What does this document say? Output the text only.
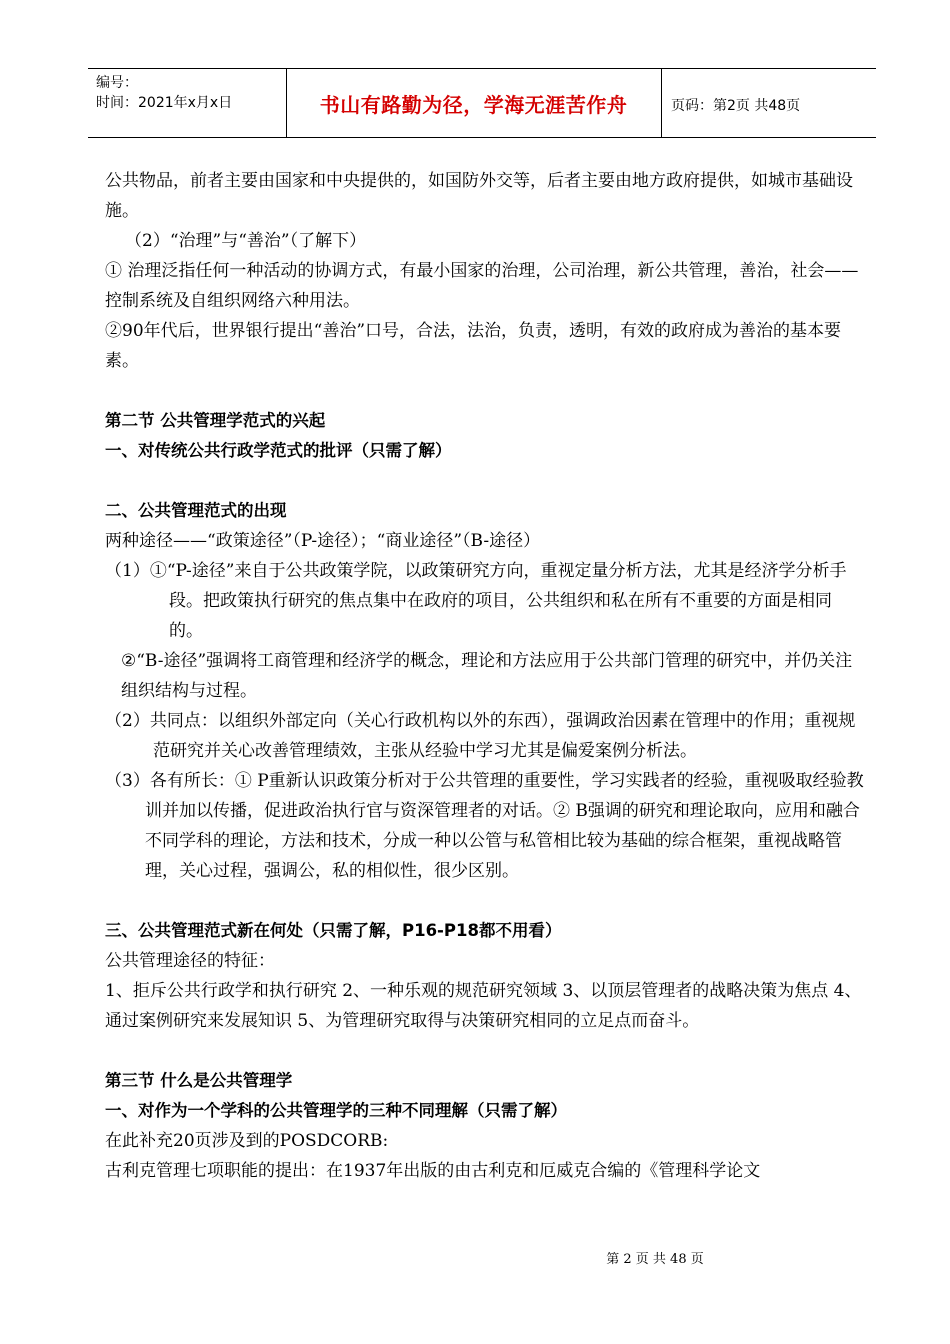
编号：
时间：2021年x月x日	书山有路勤为径，学海无涯苦作舟	页码：第2页 共48页

公共物品，前者主要由国家和中央提供的，如国防外交等，后者主要由地方政府提供，如城市基础设施。

（2）“治理”与“善治”（了解下）

① 治理泛指任何一种活动的协调方式，有最小国家的治理，公司治理，新公共管理，善治，社会——控制系统及自组织网络六种用法。

②90年代后，世界银行提出“善治”口号，合法，法治，负责，透明，有效的政府成为善治的基本要素。

第二节 公共管理学范式的兴起

一、对传统公共行政学范式的批评（只需了解）

二、公共管理范式的出现

两种途径——“政策途径”（P-途径）；“商业途径”（B-途径）

（1）①“P-途径”来自于公共政策学院，以政策研究方向，重视定量分析方法，尤其是经济学分析手段。把政策执行研究的焦点集中在政府的项目，公共组织和私在所有不重要的方面是相同的。

②“B-途径”强调将工商管理和经济学的概念，理论和方法应用于公共部门管理的研究中，并仍关注组织结构与过程。

（2）共同点：以组织外部定向（关心行政机构以外的东西），强调政治因素在管理中的作用；重视规范研究并关心改善管理绩效，主张从经验中学习尤其是偏爱案例分析法。

（3）各有所长：① P重新认识政策分析对于公共管理的重要性，学习实践者的经验，重视吸取经验教训并加以传播，促进政治执行官与资深管理者的对话。② B强调的研究和理论取向，应用和融合不同学科的理论，方法和技术，分成一种以公管与私管相比较为基础的综合框架，重视战略管理，关心过程，强调公，私的相似性，很少区别。

三、公共管理范式新在何处（只需了解，P16-P18都不用看）

公共管理途径的特征：

1、拒斥公共行政学和执行研究 2、一种乐观的规范研究领域 3、以顶层管理者的战略决策为焦点 4、通过案例研究来发展知识 5、为管理研究取得与决策研究相同的立足点而奋斗。

第三节 什么是公共管理学

一、对作为一个学科的公共管理学的三种不同理解（只需了解）

在此补充20页涉及到的POSDCORB:

古利克管理七项职能的提出：在1937年出版的由古利克和厄威克合编的《管理科学论文

第 2 页 共 48 页
